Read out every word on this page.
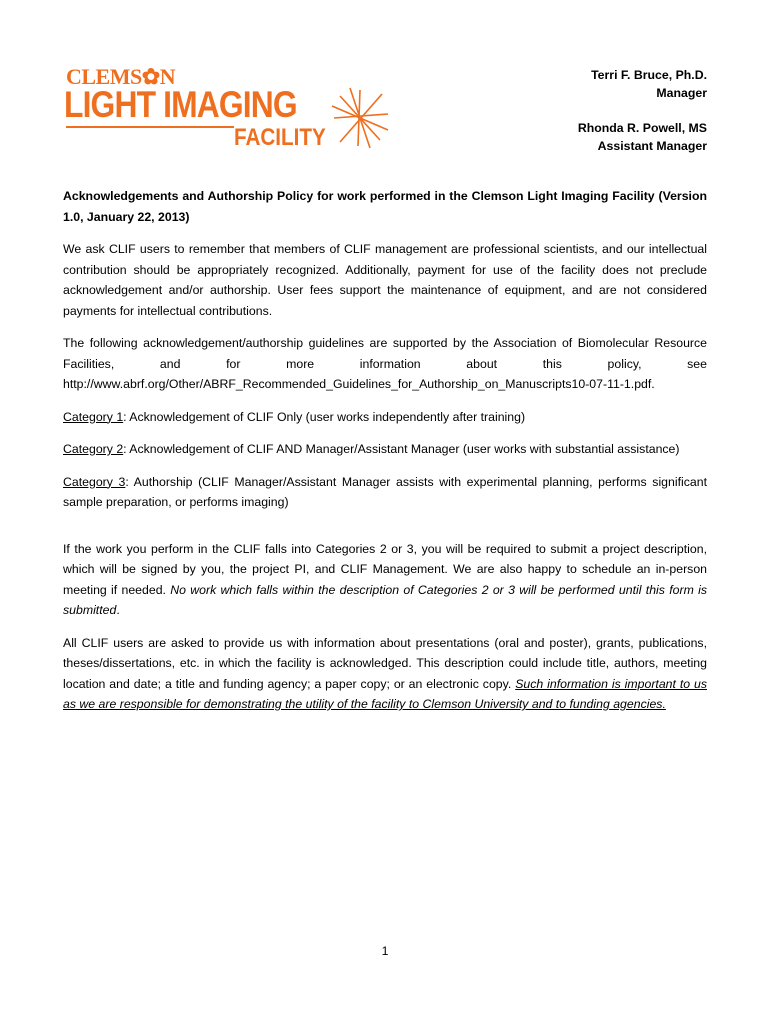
CLEMS✿N
LIGHT IMAGING
FACILITY
Terri F. Bruce, Ph.D.
Manager
Rhonda R. Powell, MS
Assistant Manager

Acknowledgements and Authorship Policy for work performed in the Clemson Light Imaging Facility (Version 1.0, January 22, 2013)

We ask CLIF users to remember that members of CLIF management are professional scientists, and our intellectual contribution should be appropriately recognized. Additionally, payment for use of the facility does not preclude acknowledgement and/or authorship. User fees support the maintenance of equipment, and are not considered payments for intellectual contributions.

The following acknowledgement/authorship guidelines are supported by the Association of Biomolecular Resource Facilities, and for more information about this policy, see
http://www.abrf.org/Other/ABRF_Recommended_Guidelines_for_Authorship_on_Manuscripts10-07-11-1.pdf.

Category 1: Acknowledgement of CLIF Only (user works independently after training)

Category 2: Acknowledgement of CLIF AND Manager/Assistant Manager (user works with substantial assistance)

Category 3: Authorship (CLIF Manager/Assistant Manager assists with experimental planning, performs significant sample preparation, or performs imaging)

If the work you perform in the CLIF falls into Categories 2 or 3, you will be required to submit a project description, which will be signed by you, the project PI, and CLIF Management. We are also happy to schedule an in-person meeting if needed. No work which falls within the description of Categories 2 or 3 will be performed until this form is submitted.

All CLIF users are asked to provide us with information about presentations (oral and poster), grants, publications, theses/dissertations, etc. in which the facility is acknowledged. This description could include title, authors, meeting location and date; a title and funding agency; a paper copy; or an electronic copy. Such information is important to us as we are responsible for demonstrating the utility of the facility to Clemson University and to funding agencies.

1
